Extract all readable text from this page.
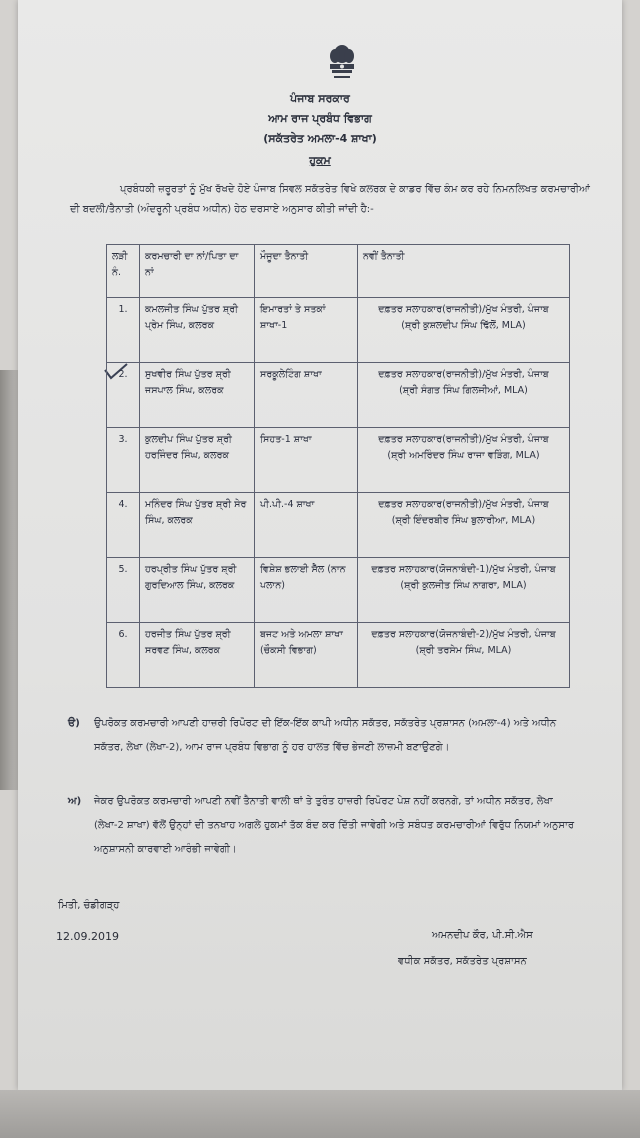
ਪੰਜਾਬ ਸਰਕਾਰ
ਆਮ ਰਾਜ ਪ੍ਰਬੰਧ ਵਿਭਾਗ
(ਸਕੱਤਰੇਤ ਅਮਲਾ-4 ਸ਼ਾਖਾ)
ਹੁਕਮ
ਪ੍ਰਬੰਧਕੀ ਜ਼ਰੂਰਤਾਂ ਨੂੰ ਮੁੱਖ ਰੱਖਦੇ ਹੋਏ ਪੰਜਾਬ ਸਿਵਲ ਸਕੱਤਰੇਤ ਵਿਖੇ ਕਲਰਕ ਦੇ ਕਾਡਰ ਵਿੱਚ ਕੰਮ ਕਰ ਰਹੇ ਨਿਮਨਲਿਖਤ ਕਰਮਚਾਰੀਆਂ ਦੀ ਬਦਲੀ/ਤੈਨਾਤੀ (ਅੰਦਰੂਨੀ ਪ੍ਰਬੰਧ ਅਧੀਨ) ਹੇਠ ਦਰਸਾਏ ਅਨੁਸਾਰ ਕੀਤੀ ਜਾਂਦੀ ਹੈ:-
ਲੜੀ ਨੰ.	ਕਰਮਚਾਰੀ ਦਾ ਨਾਂ/ਪਿਤਾ ਦਾ ਨਾਂ	ਮੌਜੂਦਾ ਤੈਨਾਤੀ	ਨਵੀਂ ਤੈਨਾਤੀ
1.	ਕਮਲਜੀਤ ਸਿੰਘ ਪੁੱਤਰ ਸ਼੍ਰੀ ਪ੍ਰੇਮ ਸਿੰਘ, ਕਲਰਕ	ਇਮਾਰਤਾਂ ਤੇ ਸਤਕਾਂ ਸ਼ਾਖਾ-1	ਦਫ਼ਤਰ ਸਲਾਹਕਾਰ(ਰਾਜਨੀਤੀ)/ਮੁੱਖ ਮੰਤਰੀ, ਪੰਜਾਬ
(ਸ਼੍ਰੀ ਕੁਸ਼ਲਦੀਪ ਸਿੰਘ ਢਿੱਲੋਂ, MLA)

2.	ਸੁਖਵੀਰ ਸਿੰਘ ਪੁੱਤਰ ਸ਼੍ਰੀ ਜਸਪਾਲ ਸਿੰਘ, ਕਲਰਕ	ਸਰਕੂਲੇਟਿੰਗ ਸ਼ਾਖਾ	ਦਫ਼ਤਰ ਸਲਾਹਕਾਰ(ਰਾਜਨੀਤੀ)/ਮੁੱਖ ਮੰਤਰੀ, ਪੰਜਾਬ
(ਸ਼੍ਰੀ ਸੰਗਤ ਸਿੰਘ ਗਿਲਜੀਆਂ, MLA)

3.	ਕੁਲਦੀਪ ਸਿੰਘ ਪੁੱਤਰ ਸ਼੍ਰੀ ਹਰਜਿੰਦਰ ਸਿੰਘ, ਕਲਰਕ	ਸਿਹਤ-1 ਸ਼ਾਖਾ	ਦਫ਼ਤਰ ਸਲਾਹਕਾਰ(ਰਾਜਨੀਤੀ)/ਮੁੱਖ ਮੰਤਰੀ, ਪੰਜਾਬ
(ਸ਼੍ਰੀ ਅਮਰਿੰਦਰ ਸਿੰਘ ਰਾਜਾ ਵੜਿੰਗ, MLA)

4.	ਮਨਿੰਦਰ ਸਿੰਘ ਪੁੱਤਰ ਸ਼੍ਰੀ ਸੇਰ ਸਿੰਘ, ਕਲਰਕ	ਪੀ.ਪੀ.-4 ਸ਼ਾਖਾ	ਦਫ਼ਤਰ ਸਲਾਹਕਾਰ(ਰਾਜਨੀਤੀ)/ਮੁੱਖ ਮੰਤਰੀ, ਪੰਜਾਬ
(ਸ਼੍ਰੀ ਇੰਦਰਬੀਰ ਸਿੰਘ ਬੁਲਾਰੀਆ, MLA)

5.	ਹਰਪ੍ਰੀਤ ਸਿੰਘ ਪੁੱਤਰ ਸ਼੍ਰੀ ਗੁਰਦਿਆਲ ਸਿੰਘ, ਕਲਰਕ	ਵਿਸ਼ੇਸ਼ ਭਲਾਈ ਸੈੱਲ (ਨਾਨ ਪਲਾਨ)	ਦਫ਼ਤਰ ਸਲਾਹਕਾਰ(ਯੋਜਨਾਬੰਦੀ-1)/ਮੁੱਖ ਮੰਤਰੀ, ਪੰਜਾਬ
(ਸ਼੍ਰੀ ਕੁਲਜੀਤ ਸਿੰਘ ਨਾਗਰਾ, MLA)

6.	ਹਰਜੀਤ ਸਿੰਘ ਪੁੱਤਰ ਸ਼੍ਰੀ ਸਰਵਣ ਸਿੰਘ, ਕਲਰਕ	ਬਜਟ ਅਤੇ ਅਮਲਾ ਸ਼ਾਖਾ (ਚੌਕਸੀ ਵਿਭਾਗ)	ਦਫ਼ਤਰ ਸਲਾਹਕਾਰ(ਯੋਜਨਾਬੰਦੀ-2)/ਮੁੱਖ ਮੰਤਰੀ, ਪੰਜਾਬ
(ਸ਼੍ਰੀ ਤਰਸੇਮ ਸਿੰਘ, MLA)
ੳ) ਉਪਰੋਕਤ ਕਰਮਚਾਰੀ ਆਪਣੀ ਹਾਜ਼ਰੀ ਰਿਪੋਰਟ ਦੀ ਇੱਕ-ਇੱਕ ਕਾਪੀ ਅਧੀਨ ਸਕੱਤਰ, ਸਕੱਤਰੇਤ ਪ੍ਰਸ਼ਾਸਨ (ਅਮਲਾ-4) ਅਤੇ ਅਧੀਨ ਸਕੱਤਰ, ਲੇਖਾ (ਲੇਖਾ-2), ਆਮ ਰਾਜ ਪ੍ਰਬੰਧ ਵਿਭਾਗ ਨੂੰ ਹਰ ਹਾਲਤ ਵਿੱਚ ਭੇਜਣੀ ਲਾਜ਼ਮੀ ਬਣਾਉਣਗੇ।
ਅ) ਜੇਕਰ ਉਪਰੋਕਤ ਕਰਮਚਾਰੀ ਆਪਣੀ ਨਵੀਂ ਤੈਨਾਤੀ ਵਾਲੀ ਥਾਂ ਤੇ ਤੁਰੰਤ ਹਾਜ਼ਰੀ ਰਿਪੋਰਟ ਪੇਸ਼ ਨਹੀਂ ਕਰਨਗੇ, ਤਾਂ ਅਧੀਨ ਸਕੱਤਰ, ਲੇਖਾ (ਲੇਖਾ-2 ਸ਼ਾਖਾ) ਵੱਲੋਂ ਉਨ੍ਹਾਂ ਦੀ ਤਨਖਾਹ ਅਗਲੇ ਹੁਕਮਾਂ ਤੱਕ ਬੰਦ ਕਰ ਦਿੱਤੀ ਜਾਵੇਗੀ ਅਤੇ ਸਬੰਧਤ ਕਰਮਚਾਰੀਆਂ ਵਿਰੁੱਧ ਨਿਯਮਾਂ ਅਨੁਸਾਰ ਅਨੁਸ਼ਾਸਨੀ ਕਾਰਵਾਈ ਆਰੰਭੀ ਜਾਵੇਗੀ।
ਮਿਤੀ, ਚੰਡੀਗੜ੍ਹ
12.09.2019	ਅਮਨਦੀਪ ਕੌਰ, ਪੀ.ਸੀ.ਐਸ
ਵਧੀਕ ਸਕੱਤਰ, ਸਕੱਤਰੇਤ ਪ੍ਰਸ਼ਾਸਨ
